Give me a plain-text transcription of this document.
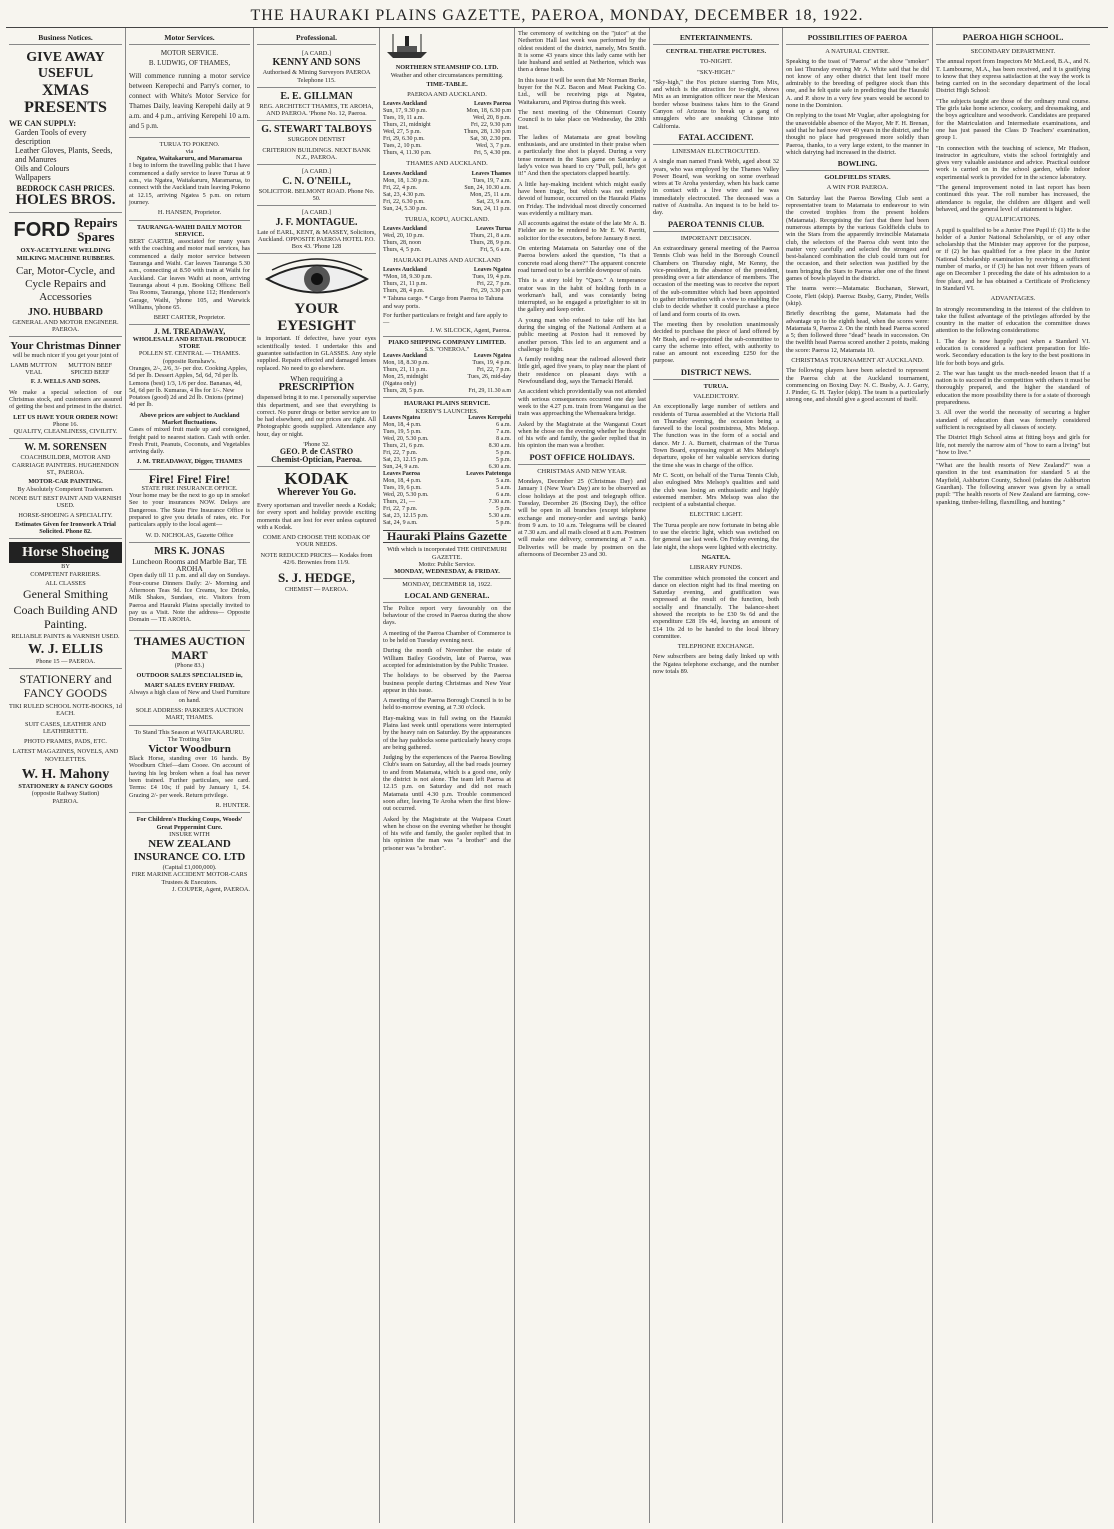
THE HAURAKI PLAINS GAZETTE, PAEROA, MONDAY, DECEMBER 18, 1922.
Business Notices.
GIVE AWAY
USEFUL
XMAS PRESENTS
WE CAN SUPPLY:
Garden Tools of every description
Leather Gloves, Plants, Seeds, and Manures
Oils and Colours
Wallpapers
BEDROCK CASH PRICES.
HOLES BROS.
FORD Repairs
Spares
OXY-ACETYLENE WELDING
MILKING MACHINE RUBBERS.
Car, Motor-Cycle, and Cycle Repairs and Accessories
JNO. HUBBARD
GENERAL AND MOTOR ENGINEER. PAEROA.
Your Christmas Dinner
will be much nicer if you get your joint of
LAMB MUTTON VEAL
MUTTON BEEF SPICED BEEF
F. J. WELLS AND SONS.
We make a special selection of our Christmas stock, and customers are assured of getting the best and primest in the district.
LET US HAVE YOUR ORDER NOW!
Phone 16.
QUALITY, CLEANLINESS, CIVILITY.
W. M. SORENSEN
COACHBUILDER, MOTOR AND CARRIAGE PAINTERS. HUGHENDON ST., PAEROA.
MOTOR-CAR PAINTING.
By Absolutely Competent Tradesmen.
NONE BUT BEST PAINT AND VARNISH USED.
HORSE-SHOEING A SPECIALITY.
Estimates Given for Ironwork A Trial Solicited. Phone 82.
Horse Shoeing
BY
COMPETENT FARRIERS.
ALL CLASSES
General Smithing
Coach Building AND Painting.
RELIABLE PAINTS & VARNISH USED.
W. J. ELLIS
Phone 15 — PAEROA.
STATIONERY and FANCY GOODS
TIKI RULED SCHOOL NOTE-BOOKS, 1d EACH.
SUIT CASES, LEATHER AND LEATHERETTE.
PHOTO FRAMES, PADS, ETC.
LATEST MAGAZINES, NOVELS, AND NOVELETTES.
W. H. Mahony
STATIONERY & FANCY GOODS
(opposite Railway Station)
PAEROA.
Motor Services.
MOTOR SERVICE.
B. LUDWIG, OF THAMES,
Will commence running a motor service between Kerepechi and Parry's corner, to connect with White's Motor Service for Thames Daily, leaving Kerepehi daily at 9 a.m. and 4 p.m., arriving Kerepehi 10 a.m. and 5 p.m.
TURUA TO POKENO.
via
Ngatea, Waitakaruru, and Maramarua
I beg to inform the travelling public that I have commenced a daily service to leave Turua at 9 a.m., via Ngatea, Waitakaruru, Maramarua, to connect with the Auckland train leaving Pokeno at 12.15, arriving Ngatea 5 p.m. on return journey.
H. HANSEN, Proprietor.
TAURANGA-WAIHI DAILY MOTOR SERVICE.
BERT CARTER, associated for many years with the coaching and motor mail services, has commenced a daily motor service between Tauranga and Waihi. Car leaves Tauranga 5.30 a.m., connecting at 8.50 with train at Waihi for Auckland. Car leaves Waihi at noon, arriving Tauranga about 4 p.m. Booking Offices: Bell Tea Rooms, Tauranga, 'phone 112; Henderson's Garage, Waihi, 'phone 105, and Warwick Williams, 'phone 65.
BERT CARTER, Proprietor.
J. M. TREADAWAY,
WHOLESALE AND RETAIL PRODUCE STORE
POLLEN ST. CENTRAL — THAMES. (opposite Renshaw's.
Oranges, 2/-, 2/6, 3/- per doz. Cooking Apples, 5d per lb. Dessert Apples, 5d, 6d, 7d per lb. Lemons (best) 1/3, 1/6 per doz. Bananas, 4d, 5d, 6d per lb. Kumaras, 4 lbs for 1/-. New Potatoes (good) 2d and 2d lb. Onions (prime) 4d per lb.
Above prices are subject to Auckland Market fluctuations.
Cases of mixed fruit made up and consigned, freight paid to nearest station. Cash with order. Fresh Fruit, Peanuts, Coconuts, and Vegetables arriving daily.
J. M. TREADAWAY, Digger, THAMES
Fire! Fire! Fire!
STATE FIRE INSURANCE OFFICE.
Your home may be the next to go up in smoke! See to your insurances NOW. Delays are Dangerous. The State Fire Insurance Office is prepared to give you details of rates, etc. For particulars apply to the local agent—
W. D. NICHOLAS, Gazette Office
MRS K. JONAS
Luncheon Rooms and Marble Bar, TE AROHA
Open daily till 11 p.m. and all day on Sundays. Four-course Dinners Daily: 2/- Morning and Afternoon Teas 9d. Ice Creams, Ice Drinks, Milk Shakes, Sundaes, etc. Visitors from Paeroa and Hauraki Plains specially invited to pay us a Visit. Note the address— Opposite Domain — TE AROHA.
THAMES AUCTION MART
(Phone 83.)
OUTDOOR SALES SPECIALISED in,
MART SALES EVERY FRIDAY.
Always a high class of New and Used Furniture on hand.
SOLE ADDRESS: PARKER'S AUCTION MART, THAMES.
To Stand This Season at WAITAKARURU.
The Trotting Sire
Victor Woodburn
Black Horse, standing over 16 hands. By Woodburn Chief—dam Cooee. On account of having his leg broken when a foal has never been trained. Further particulars, see card. Terms: £4 10s; if paid by January 1, £4. Grazing 2/- per week. Return privilege.
R. HUNTER.
For Children's Hucking Coups, Woods' Great Peppermint Cure.
INSURE WITH
NEW ZEALAND INSURANCE CO. LTD
(Capital £1,000,000).
FIRE MARINE ACCIDENT MOTOR-CARS Trustees & Executors.
J. COUPER, Agent, PAEROA.
Professional.
[A CARD.]
KENNY AND SONS
Authorised & Mining Surveyors PAEROA Telephone 115.
E. E. GILLMAN
REG. ARCHITECT THAMES, TE AROHA, AND PAEROA. 'Phone No. 12, Paeroa.
G. STEWART TALBOYS
SURGEON DENTIST
CRITERION BUILDINGS. NEXT BANK N.Z., PAEROA.
[A CARD.]
C. N. O'NEILL,
SOLICITOR. BELMONT ROAD. Phone No. 50.
[A CARD.]
J. F. MONTAGUE.
Late of EARL, KENT, & MASSEY, Solicitors, Auckland. OPPOSITE PAEROA HOTEL P.O. Box 43. 'Phone 128
YOUR EYESIGHT
is important. If defective, have your eyes scientifically tested. I undertake this and guarantee satisfaction in GLASSES. Any style supplied. Repairs effected and damaged lenses replaced. No need to go elsewhere.
When requiring a
PRESCRIPTION
dispensed bring it to me. I personally supervise this department, and see that everything is correct. No purer drugs or better service are to be had elsewhere, and our prices are right. All Photographic goods supplied. Attendance any hour, day or night.
'Phone 32.
GEO. P. de CASTRO
Chemist-Optician, Paeroa.
KODAK
Wherever You Go.
Every sportsman and traveller needs a Kodak; for every sport and holiday provide exciting moments that are lost for ever unless captured with a Kodak.
COME AND CHOOSE THE KODAK OF YOUR NEEDS.
NOTE REDUCED PRICES— Kodaks from 42/6. Brownies from 11/9.
S. J. HEDGE,
CHEMIST — PAEROA.
NORTHERN STEAMSHIP CO. LTD.
Weather and other circumstances permitting.
TIME-TABLE.
PAEROA AND AUCKLAND.
Leaves Auckland	Leaves Paeroa
Sun, 17, 9.30 p.m.	Mon, 18, 6.30 p.m
Tues, 19, 11 a.m.	Wed, 20, 8 p.m.
Thurs, 21, midnight	Fri, 22, 9.30 p.m
Wed, 27, 5 p.m.	Thurs, 28, 1.30 p.m
Fri, 29, 6.30 p.m.	Sat, 30, 2.30 pm.
Tues, 2, 10 p.m.	Wed, 3, 7 p.m.
Thurs, 4, 11.30 p.m.	Fri, 5, 4.30 pm.
THAMES AND AUCKLAND.
Leaves Auckland	Leaves Thames
Mon, 18, 1.30 p.m.	Tues, 19, 7 a.m.
Fri, 22, 4 p.m.	Sun, 24, 10.30 a.m.
Sat, 23, 4.30 p.m.	Mon, 25, 11 a.m.
Fri, 22, 6.30 p.m.	Sat, 23, 9 a.m.
Sun, 24, 5.30 p.m.	Sun, 24, 11 p.m.
TURUA, KOPU, AUCKLAND.
Leaves Auckland	Leaves Turua
Wed, 20, 10 p.m.	Thurs, 21, 8 a.m.
Thurs, 28, noon	Thurs, 28, 9 p.m.
Thurs, 4, 5 p.m.	Fri, 5, 6 a.m.
HAURAKI PLAINS AND AUCKLAND
Leaves Auckland	Leaves Ngatea
*Mon, 18, 9.30 p.m.	Tues, 19, 4 p.m.
Thurs, 21, 11 p.m.	Fri, 22, 7 p.m.
Thurs, 28, 4 p.m.	Fri, 29, 3.30 p.m
* Tahuna cargo. * Cargo from Paeroa to Tahuna and way ports.
For further particulars re freight and fare apply to—
J. W. SILCOCK, Agent, Paeroa.
PIAKO SHIPPING COMPANY LIMITED.
S.S. "ONEROA."
Leaves Auckland	Leaves Ngatea
Mon, 18, 8.30 p.m.	Tues, 19, 4 p.m.
Thurs, 21, 11 p.m.	Fri, 22, 7 p.m.
Mon, 25, midnight	Tues, 26, mid-day
(Ngatea only)	
Thurs, 28, 5 p.m.	Fri, 29, 11.30 a.m
HAURAKI PLAINS SERVICE.
KERBY'S LAUNCHES.
Leaves Ngatea	Leaves Kerepehi
Mon, 18, 4 p.m.	6 a.m.
Tues, 19, 5 p.m.	7 a.m.
Wed, 20, 5.30 p.m.	8 a.m.
Thurs, 21, 6 p.m.	8.30 a.m.
Fri, 22, 7 p.m.	5 p.m.
Sat, 23, 12.15 p.m.	5 p.m.
Sun, 24, 9 a.m.	6.30 a.m.
Leaves Paeroa	Leaves Patetonga
Mon, 18, 4 p.m.	5 a.m.
Tues, 19, 6 p.m.	5 a.m.
Wed, 20, 5.30 p.m.	6 a.m.
Thurs, 21, —	7.30 a.m.
Fri, 22, 7 p.m.	5 p.m.
Sat, 23, 12.15 p.m.	5.30 a.m.
Sat, 24, 9 a.m.	5 p.m.
Hauraki Plains Gazette
With which is incorporated THE OHINEMURI GAZETTE.
Motto: Public Service.
MONDAY, WEDNESDAY, & FRIDAY.
MONDAY, DECEMBER 18, 1922.
LOCAL AND GENERAL.
The Police report very favourably on the behaviour of the crowd in Paeroa during the show days.
A meeting of the Paeroa Chamber of Commerce is to be held on Tuesday evening next.
During the month of November the estate of William Bailey Goodwin, late of Paeroa, was accepted for administration by the Public Trustee.
The holidays to be observed by the Paeroa business people during Christmas and New Year appear in this issue.
A meeting of the Paeroa Borough Council is to be held to-morrow evening, at 7.30 o'clock.
Hay-making was in full swing on the Hauraki Plains last week until operations were interrupted by the heavy rain on Saturday. By the appearances of the hay paddocks some particularly heavy crops are being gathered.
Judging by the experiences of the Paeroa Bowling Club's team on Saturday, all the bad roads journey to and from Matamata, which is a good one, only the district is not alone. The team left Paeroa at 12.15 p.m. on Saturday and did not reach Matamata until 4.30 p.m. Trouble commenced soon after, leaving Te Aroha when the first blow-out occurred.
Asked by the Magistrate at the Waipaoa Court when he chose on the evening whether he thought of his wife and family, the gaoler replied that in his opinion the man was "a brother" and the prisoner was "a brother".
The ceremony of switching on the "juice" at the Netherton Hall last week was performed by the oldest resident of the district, namely, Mrs Smith. It is some 43 years since this lady came with her late husband and settled at Netherton, which was then a dense bush.
In this issue it will be seen that Mr Norman Burke, buyer for the N.Z. Bacon and Meat Packing Co. Ltd., will be receiving pigs at Ngatea, Waitakaruru, and Pipiroa during this week.
The next meeting of the Ohinemuri County Council is to take place on Wednesday, the 20th inst.
The ladies of Matamata are great bowling enthusiasts, and are unstinted in their praise when a particularly fine shot is played. During a very tense moment in the Stars game on Saturday a lady's voice was heard to cry "Pull, pull, he's got it!" And then the spectators clapped heartily.
A little hay-making incident which might easily have been tragic, but which was not entirely devoid of humour, occurred on the Hauraki Plains on Friday. The individual most directly concerned was evidently a military man.
All accounts against the estate of the late Mr A. B. Fielder are to be rendered to Mr E. W. Parritt, solicitor for the executors, before January 8 next.
On entering Matamata on Saturday one of the Paeroa bowlers asked the question, "Is that a concrete road along there?" The apparent concrete road turned out to be a terrible downpour of rain.
This is a story told by "Quex." A temperance orator was in the habit of holding forth in a workman's hall, and was constantly being interrupted, so he engaged a prizefighter to sit in the gallery and keep order.
A young man who refused to take off his hat during the singing of the National Anthem at a public meeting at Poxton had it removed by another person. This led to an argument and a challenge to fight.
A family residing near the railroad allowed their little girl, aged five years, to play near the plant of their residence on pleasant days with a Newfoundland dog, says the Tarnacki Herald.
An accident which providentially was not attended with serious consequences occurred one day last week to the 4.27 p.m. train from Wanganui as the train was approaching the Whenuakura bridge.
Asked by the Magistrate at the Wanganui Court when he chose on the evening whether he thought of his wife and family, the gaoler replied that in his opinion the man was a brother.
POST OFFICE HOLIDAYS.
CHRISTMAS AND NEW YEAR.
Mondays, December 25 (Christmas Day) and January 1 (New Year's Day) are to be observed as close holidays at the post and telegraph office. Tuesday, December 26 (Boxing Day), the office will be open in all branches (except telephone exchange and money-order and savings bank) from 9 a.m. to 10 a.m. Telegrams will be cleared at 7.30 a.m. and all mails closed at 8 a.m. Postmen will make one delivery, commencing at 7 a.m. Deliveries will be made by postmen on the afternoons of December 23 and 30.
ENTERTAINMENTS.
CENTRAL THEATRE PICTURES.
TO-NIGHT.
"SKY-HIGH."
"Sky-high," the Fox picture starring Tom Mix, and which is the attraction for to-night, shows Mix as an immigration officer near the Mexican border whose business takes him to the Grand Canyon of Arizona to break up a gang of smugglers who are sneaking Chinese into California.
FATAL ACCIDENT.
LINESMAN ELECTROCUTED.
A single man named Frank Webb, aged about 32 years, who was employed by the Thames Valley Power Board, was working on some overhead wires at Te Aroha yesterday, when his back came in contact with a live wire and he was immediately electrocuted. The deceased was a native of Australia. An inquest is to be held to-day.
PAEROA TENNIS CLUB.
IMPORTANT DECISION.
An extraordinary general meeting of the Paeroa Tennis Club was held in the Borough Council Chambers on Thursday night, Mr Kenny, the vice-president, in the absence of the president, presiding over a fair attendance of members. The occasion of the meeting was to receive the report of the sub-committee which had been appointed to gather information with a view to enabling the club to decide whether it could purchase a piece of land and form courts of its own.
The meeting then by resolution unanimously decided to purchase the piece of land offered by Mr Bush, and re-appointed the sub-committee to carry the scheme into effect, with authority to raise an amount not exceeding £250 for the purpose.
DISTRICT NEWS.
TURUA.
VALEDICTORY.
An exceptionally large number of settlers and residents of Turua assembled at the Victoria Hall on Thursday evening, the occasion being a farewell to the local postmistress, Mrs Melsop. The function was in the form of a social and dance. Mr J. A. Burnett, chairman of the Turua Town Board, expressing regret at Mrs Melsop's departure, spoke of her valuable services during the time she was in charge of the office.
Mr C. Scott, on behalf of the Turua Tennis Club, also eulogised Mrs Melsop's qualities and said the club was losing an enthusiastic and highly esteemed member. Mrs Melsop was also the recipient of a substantial cheque.
ELECTRIC LIGHT.
The Turua people are now fortunate in being able to use the electric light, which was switched on for general use last week. On Friday evening, the late night, the shops were lighted with electricity.
NGATEA.
LIBRARY FUNDS.
The committee which promoted the concert and dance on election night had its final meeting on Saturday evening, and gratification was expressed at the result of the function, both socially and financially. The balance-sheet showed the receipts to be £30 9s 6d and the expenditure £28 19s 4d, leaving an amount of £14 10s 2d to be handed to the local library committee.
TELEPHONE EXCHANGE.
New subscribers are being daily linked up with the Ngatea telephone exchange, and the number now totals 89.
POSSIBILITIES OF PAEROA
A NATURAL CENTRE.
Speaking to the toast of "Paeroa" at the show "smoker" on last Thursday evening Mr A. White said that he did not know of any other district that lent itself more admirably to the breeding of pedigree stock than this one, and he felt quite safe in predicting that the Hauraki A. and P. show in a very few years would be second to none in the Dominion.
On replying to the toast Mr Vuglar, after apologising for the unavoidable absence of the Mayor, Mr F. H. Brenan, said that he had now over 40 years in the district, and he thought no place had progressed more solidly than Paeroa, thanks, to a very large extent, to the manner in which dairying had increased in the district.
BOWLING.
GOLDFIELDS STARS.
A WIN FOR PAEROA.
On Saturday last the Paeroa Bowling Club sent a representative team to Matamata to endeavour to win the coveted trophies from the present holders (Matamata). Recognising the fact that there had been numerous attempts by the various Goldfields clubs to win the Stars from the apparently invincible Matamata club, the selectors of the Paeroa club went into the matter very carefully and selected the strongest and best-balanced combination the club could turn out for the occasion, and their selection was justified by the team bringing the Stars to Paeroa after one of the finest games of bowls played in the district.
The teams were:—Matamata: Buchanan, Stewart, Coote, Flett (skip). Paeroa: Busby, Garry, Pinder, Wells (skip).
Briefly describing the game, Matamata had the advantage up to the eighth head, when the scores were: Matamata 9, Paeroa 2. On the ninth head Paeroa scored a 5; then followed three "dead" heads in succession. On the twelfth head Paeroa scored another 2 points, making the score: Paeroa 12, Matamata 10.
CHRISTMAS TOURNAMENT AT AUCKLAND.
The following players have been selected to represent the Paeroa club at the Auckland tournament, commencing on Boxing Day: N. C. Busby, A. J. Garry, J. Pinder, G. H. Taylor (skip). The team is a particularly strong one, and should give a good account of itself.
PAEROA HIGH SCHOOL.
SECONDARY DEPARTMENT.
The annual report from Inspectors Mr McLeod, B.A., and N. T. Lambourne, M.A., has been received, and it is gratifying to know that they express satisfaction at the way the work is being carried on in the secondary department of the local District High School:
"The subjects taught are those of the ordinary rural course. The girls take home science, cookery, and dressmaking, and the boys agriculture and woodwork. Candidates are prepared for the Matriculation and Intermediate examinations, and one has just passed the Class D Teachers' examination, group 1.
"In connection with the teaching of science, Mr Hudson, instructor in agriculture, visits the school fortnightly and gives very valuable assistance and advice. Practical outdoor work is carried on in the school garden, while indoor experimental work is provided for in the science laboratory.
"The general improvement noted in last report has been continued this year. The roll number has increased, the attendance is regular, the children are diligent and well behaved, and the general level of attainment is higher.
QUALIFICATIONS.
A pupil is qualified to be a Junior Free Pupil if: (1) He is the holder of a Junior National Scholarship, or of any other scholarship that the Minister may approve for the purpose, or if (2) he has qualified for a free place in the Junior National Scholarship examination by receiving a sufficient number of marks, or if (3) he has not over fifteen years of age on December 1 preceding the date of his admission to a free place, and he has obtained a Certificate of Proficiency in Standard VI.
ADVANTAGES.
In strongly recommending in the interest of the children to take the fullest advantage of the privileges afforded by the country in the matter of education the committee draws attention to the following considerations:
1. The day is now happily past when a Standard VI. education is considered a sufficient preparation for life-work. Secondary education is the key to the best positions in life for both boys and girls.
2. The war has taught us the much-needed lesson that if a nation is to succeed in the competition with others it must be thoroughly prepared, and the higher the standard of education the more possibility there is for a state of thorough preparedness.
3. All over the world the necessity of securing a higher standard of education than was formerly considered sufficient is recognised by all classes of society.
The District High School aims at fitting boys and girls for life, not merely the narrow aim of "how to earn a living" but "how to live."
"What are the health resorts of New Zealand?" was a question in the test examination for standard 5 at the Mayfield, Ashburton County, School (relates the Ashburton Guardian). The following answer was given by a small pupil: "The health resorts of New Zealand are farming, cow-spanking, timber-felling, flaxmilling, and hunting."
